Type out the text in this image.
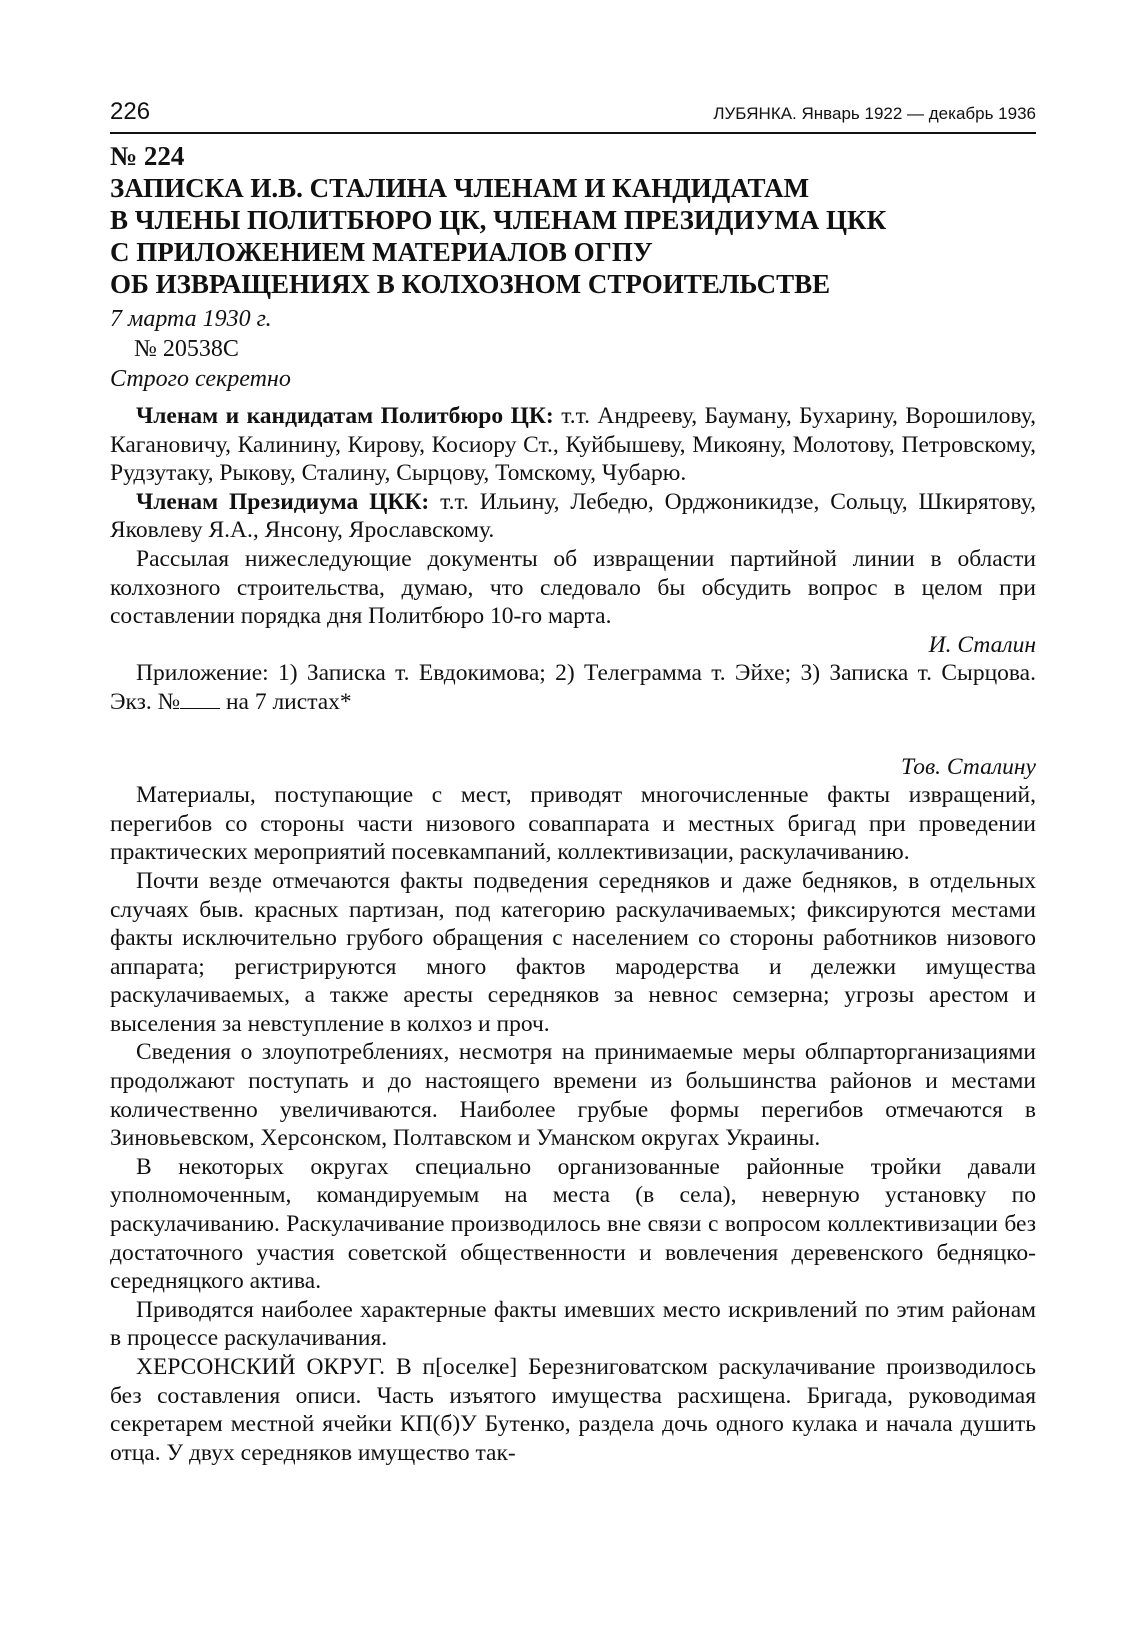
226	ЛУБЯНКА. Январь 1922 — декабрь 1936
№ 224
ЗАПИСКА И.В. СТАЛИНА ЧЛЕНАМ И КАНДИДАТАМ
В ЧЛЕНЫ ПОЛИТБЮРО ЦК, ЧЛЕНАМ ПРЕЗИДИУМА ЦКК
С ПРИЛОЖЕНИЕМ МАТЕРИАЛОВ ОГПУ
ОБ ИЗВРАЩЕНИЯХ В КОЛХОЗНОМ СТРОИТЕЛЬСТВЕ
7 марта 1930 г.
№ 20538С
Строго секретно

Членам и кандидатам Политбюро ЦК: т.т. Андрееву, Бауману, Бухарину, Ворошилову, Кагановичу, Калинину, Кирову, Косиору Ст., Куйбышеву, Микояну, Молотову, Петровскому, Рудзутаку, Рыкову, Сталину, Сырцову, Томскому, Чубарю.

Членам Президиума ЦКК: т.т. Ильину, Лебедю, Орджоникидзе, Сольцу, Шкирятову, Яковлеву Я.А., Янсону, Ярославскому.

Рассылая нижеследующие документы об извращении партийной линии в области колхозного строительства, думаю, что следовало бы обсудить вопрос в целом при составлении порядка дня Политбюро 10-го марта.

И. Сталин

Приложение: 1) Записка т. Евдокимова; 2) Телеграмма т. Эйхе; 3) Записка т. Сырцова. Экз. № на 7 листах*

Тов. Сталину

Материалы, поступающие с мест, приводят многочисленные факты извращений, перегибов со стороны части низового соваппарата и местных бригад при проведении практических мероприятий посевкампаний, коллективизации, раскулачиванию.

Почти везде отмечаются факты подведения середняков и даже бедняков, в отдельных случаях быв. красных партизан, под категорию раскулачиваемых; фиксируются местами факты исключительно грубого обращения с населением со стороны работников низового аппарата; регистрируются много фактов мародерства и дележки имущества раскулачиваемых, а также аресты середняков за невнос семзерна; угрозы арестом и выселения за невступление в колхоз и проч.

Сведения о злоупотреблениях, несмотря на принимаемые меры облпарторганизациями продолжают поступать и до настоящего времени из большинства районов и местами количественно увеличиваются. Наиболее грубые формы перегибов отмечаются в Зиновьевском, Херсонском, Полтавском и Уманском округах Украины.

В некоторых округах специально организованные районные тройки давали уполномоченным, командируемым на места (в села), неверную установку по раскулачиванию. Раскулачивание производилось вне связи с вопросом коллективизации без достаточного участия советской общественности и вовлечения деревенского бедняцко-середняцкого актива.

Приводятся наиболее характерные факты имевших место искривлений по этим районам в процессе раскулачивания.

ХЕРСОНСКИЙ ОКРУГ. В п[оселке] Березниговатском раскулачивание производилось без составления описи. Часть изъятого имущества расхищена. Бригада, руководимая секретарем местной ячейки КП(б)У Бутенко, раздела дочь одного кулака и начала душить отца. У двух середняков имущество так-
